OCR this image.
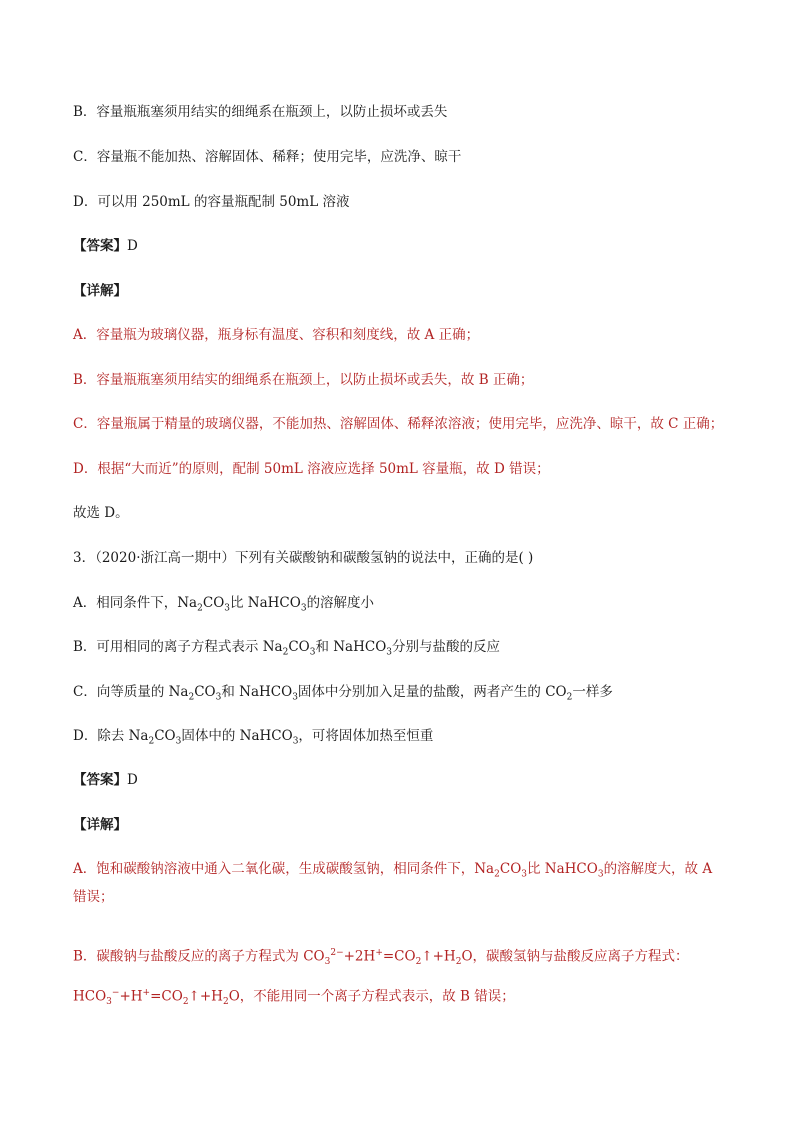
B．容量瓶瓶塞须用结实的细绳系在瓶颈上，以防止损坏或丢失
C．容量瓶不能加热、溶解固体、稀释；使用完毕，应洗净、晾干
D．可以用 250mL 的容量瓶配制 50mL 溶液
【答案】D
【详解】
A．容量瓶为玻璃仪器，瓶身标有温度、容积和刻度线，故 A 正确；
B．容量瓶瓶塞须用结实的细绳系在瓶颈上，以防止损坏或丢失，故 B 正确；
C．容量瓶属于精量的玻璃仪器，不能加热、溶解固体、稀释浓溶液；使用完毕，应洗净、晾干，故 C 正确；
D．根据“大而近”的原则，配制 50mL 溶液应选择 50mL 容量瓶，故 D 错误；
故选 D。
3．（2020·浙江高一期中）下列有关碳酸钠和碳酸氢钠的说法中，正确的是( )
A．相同条件下，$Na_2CO_3$比 NaHCO$_3$的溶解度小
B．可用相同的离子方程式表示 $Na_2CO_3$和 NaHCO$_3$分别与盐酸的反应
C．向等质量的 $Na_2CO_3$和 NaHCO$_3$固体中分别加入足量的盐酸，两者产生的 $CO_2$一样多
D．除去 $Na_2CO_3$固体中的 NaHCO$_3$，可将固体加热至恒重
【答案】D
【详解】
A．饱和碳酸钠溶液中通入二氧化碳，生成碳酸氢钠，相同条件下，$Na_2CO_3$比 NaHCO$_3$的溶解度大，故 A 错误；
B．碳酸钠与盐酸反应的离子方程式为 $CO_3^{2-}+2H^+=CO_2↑+H_2O$，碳酸氢钠与盐酸反应离子方程式：
$HCO_3^-+H^+=CO_2↑+H_2O$，不能用同一个离子方程式表示，故 B 错误；
